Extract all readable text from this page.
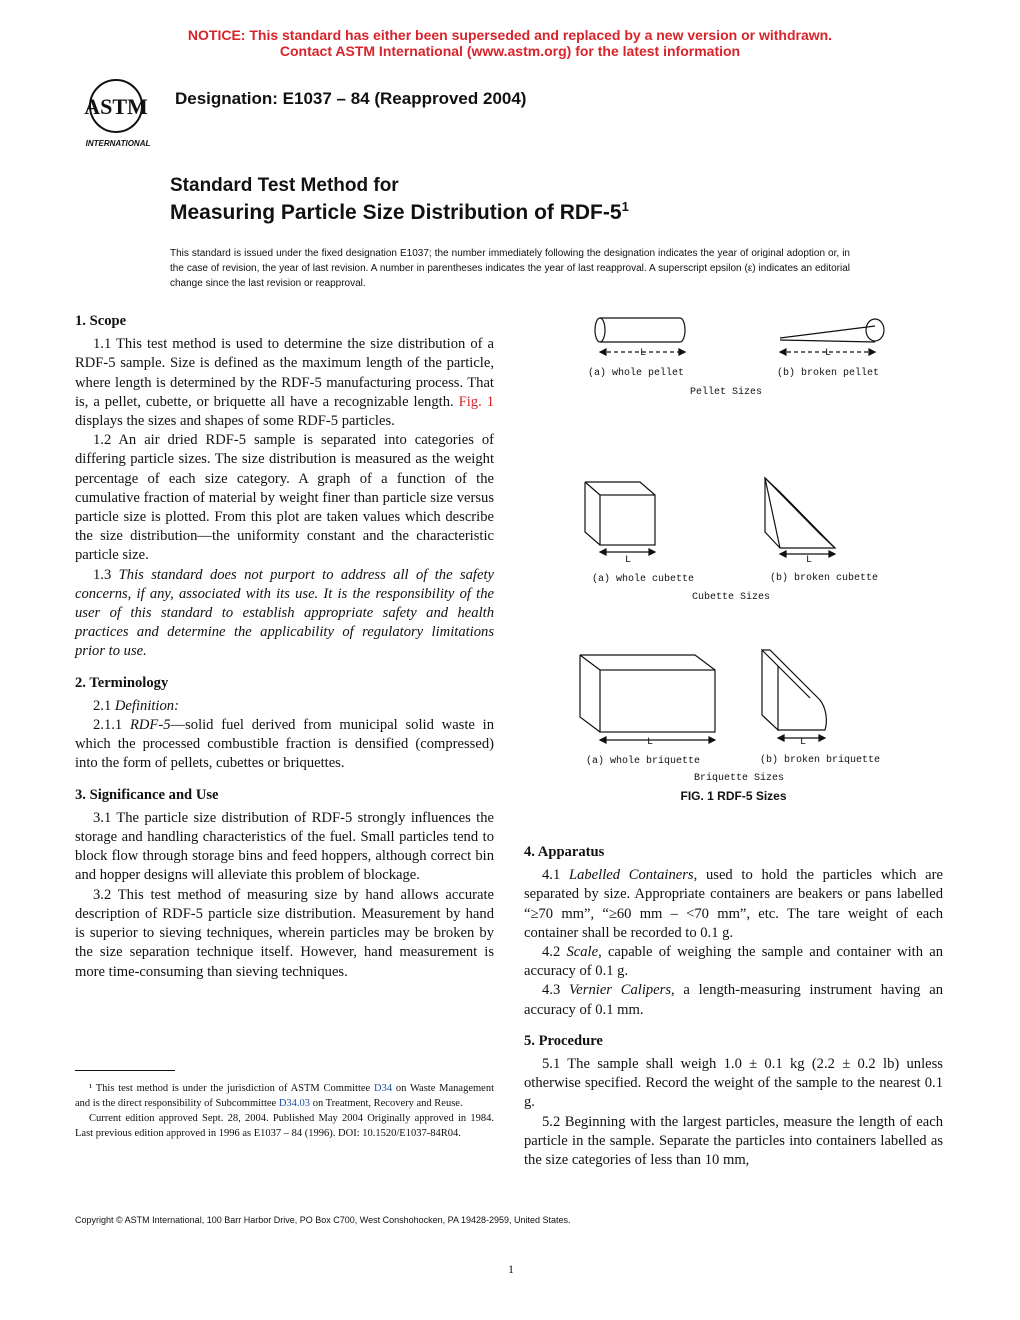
NOTICE: This standard has either been superseded and replaced by a new version or withdrawn.
Contact ASTM International (www.astm.org) for the latest information
ASTM
INTERNATIONAL
Designation: E1037 – 84 (Reapproved 2004)
Standard Test Method for
Measuring Particle Size Distribution of RDF-$5^1$
This standard is issued under the fixed designation E1037; the number immediately following the designation indicates the year of original adoption or, in the case of revision, the year of last revision. A number in parentheses indicates the year of last reapproval. A superscript epsilon (ε) indicates an editorial change since the last revision or reapproval.
1. Scope

1.1 This test method is used to determine the size distribution of a RDF-5 sample. Size is defined as the maximum length of the particle, where length is determined by the RDF-5 manufacturing process. That is, a pellet, cubette, or briquette all have a recognizable length. Fig. 1 displays the sizes and shapes of some RDF-5 particles.

1.2 An air dried RDF-5 sample is separated into categories of differing particle sizes. The size distribution is measured as the weight percentage of each size category. A graph of a function of the cumulative fraction of material by weight finer than particle size versus particle size is plotted. From this plot are taken values which describe the size distribution—the uniformity constant and the characteristic particle size.

1.3 This standard does not purport to address all of the safety concerns, if any, associated with its use. It is the responsibility of the user of this standard to establish appropriate safety and health practices and determine the applicability of regulatory limitations prior to use.

2. Terminology

2.1 Definition:

2.1.1 RDF-5—solid fuel derived from municipal solid waste in which the processed combustible fraction is densified (compressed) into the form of pellets, cubettes or briquettes.

3. Significance and Use

3.1 The particle size distribution of RDF-5 strongly influences the storage and handling characteristics of the fuel. Small particles tend to block flow through storage bins and feed hoppers, although correct bin and hopper designs will alleviate this problem of blockage.

3.2 This test method of measuring size by hand allows accurate description of RDF-5 particle size distribution. Measurement by hand is superior to sieving techniques, wherein particles may be broken by the size separation technique itself. However, hand measurement is more time-consuming than sieving techniques.

¹ This test method is under the jurisdiction of ASTM Committee D34 on Waste Management and is the direct responsibility of Subcommittee D34.03 on Treatment, Recovery and Reuse.

Current edition approved Sept. 28, 2004. Published May 2004 Originally approved in 1984. Last previous edition approved in 1996 as E1037 – 84 (1996). DOI: 10.1520/E1037-84R04.

L	L
(a) whole pellet	(b) broken pellet
Pellet Sizes
L	L
(a) whole cubette	(b) broken cubette
Cubette Sizes
L	L
(a) whole briquette	(b) broken briquette
Briquette Sizes
FIG. 1 RDF-5 Sizes
4. Apparatus

4.1 Labelled Containers, used to hold the particles which are separated by size. Appropriate containers are beakers or pans labelled “≥70 mm”, “≥60 mm – <70 mm”, etc. The tare weight of each container shall be recorded to 0.1 g.

4.2 Scale, capable of weighing the sample and container with an accuracy of 0.1 g.

4.3 Vernier Calipers, a length-measuring instrument having an accuracy of 0.1 mm.

5. Procedure

5.1 The sample shall weigh 1.0 ± 0.1 kg (2.2 ± 0.2 lb) unless otherwise specified. Record the weight of the sample to the nearest 0.1 g.

5.2 Beginning with the largest particles, measure the length of each particle in the sample. Separate the particles into containers labelled as the size categories of less than 10 mm,

Copyright © ASTM International, 100 Barr Harbor Drive, PO Box C700, West Conshohocken, PA 19428-2959, United States.
1
